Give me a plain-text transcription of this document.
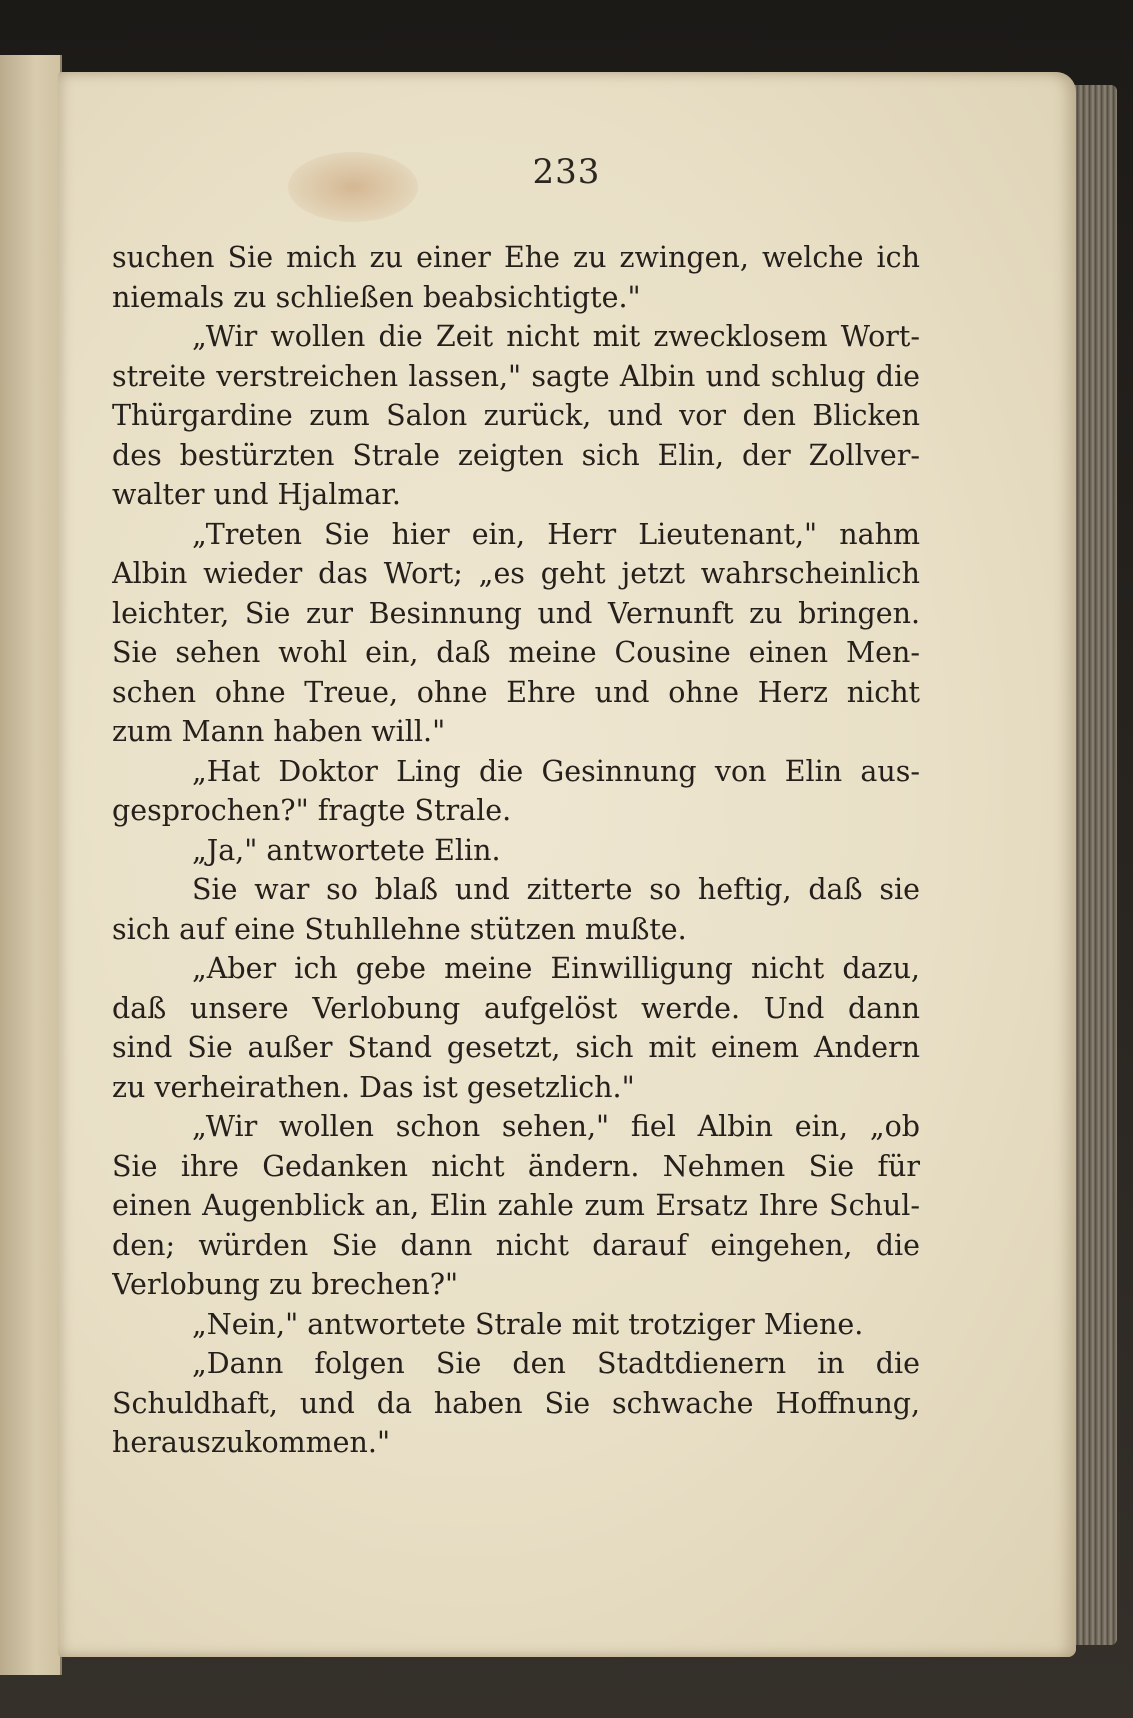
233
suchen Sie mich zu einer Ehe zu zwingen, welche ich
niemals zu schließen beabsichtigte."
„Wir wollen die Zeit nicht mit zwecklosem Wort-
streite verstreichen lassen," sagte Albin und schlug die
Thürgardine zum Salon zurück, und vor den Blicken
des bestürzten Strale zeigten sich Elin, der Zollver-
walter und Hjalmar.
„Treten Sie hier ein, Herr Lieutenant," nahm
Albin wieder das Wort; „es geht jetzt wahrscheinlich
leichter, Sie zur Besinnung und Vernunft zu bringen.
Sie sehen wohl ein, daß meine Cousine einen Men-
schen ohne Treue, ohne Ehre und ohne Herz nicht
zum Mann haben will."
„Hat Doktor Ling die Gesinnung von Elin aus-
gesprochen?" fragte Strale.
„Ja," antwortete Elin.
Sie war so blaß und zitterte so heftig, daß sie
sich auf eine Stuhllehne stützen mußte.
„Aber ich gebe meine Einwilligung nicht dazu,
daß unsere Verlobung aufgelöst werde. Und dann
sind Sie außer Stand gesetzt, sich mit einem Andern
zu verheirathen. Das ist gesetzlich."
„Wir wollen schon sehen," fiel Albin ein, „ob
Sie ihre Gedanken nicht ändern. Nehmen Sie für
einen Augenblick an, Elin zahle zum Ersatz Ihre Schul-
den; würden Sie dann nicht darauf eingehen, die
Verlobung zu brechen?"
„Nein," antwortete Strale mit trotziger Miene.
„Dann folgen Sie den Stadtdienern in die
Schuldhaft, und da haben Sie schwache Hoffnung,
herauszukommen."
